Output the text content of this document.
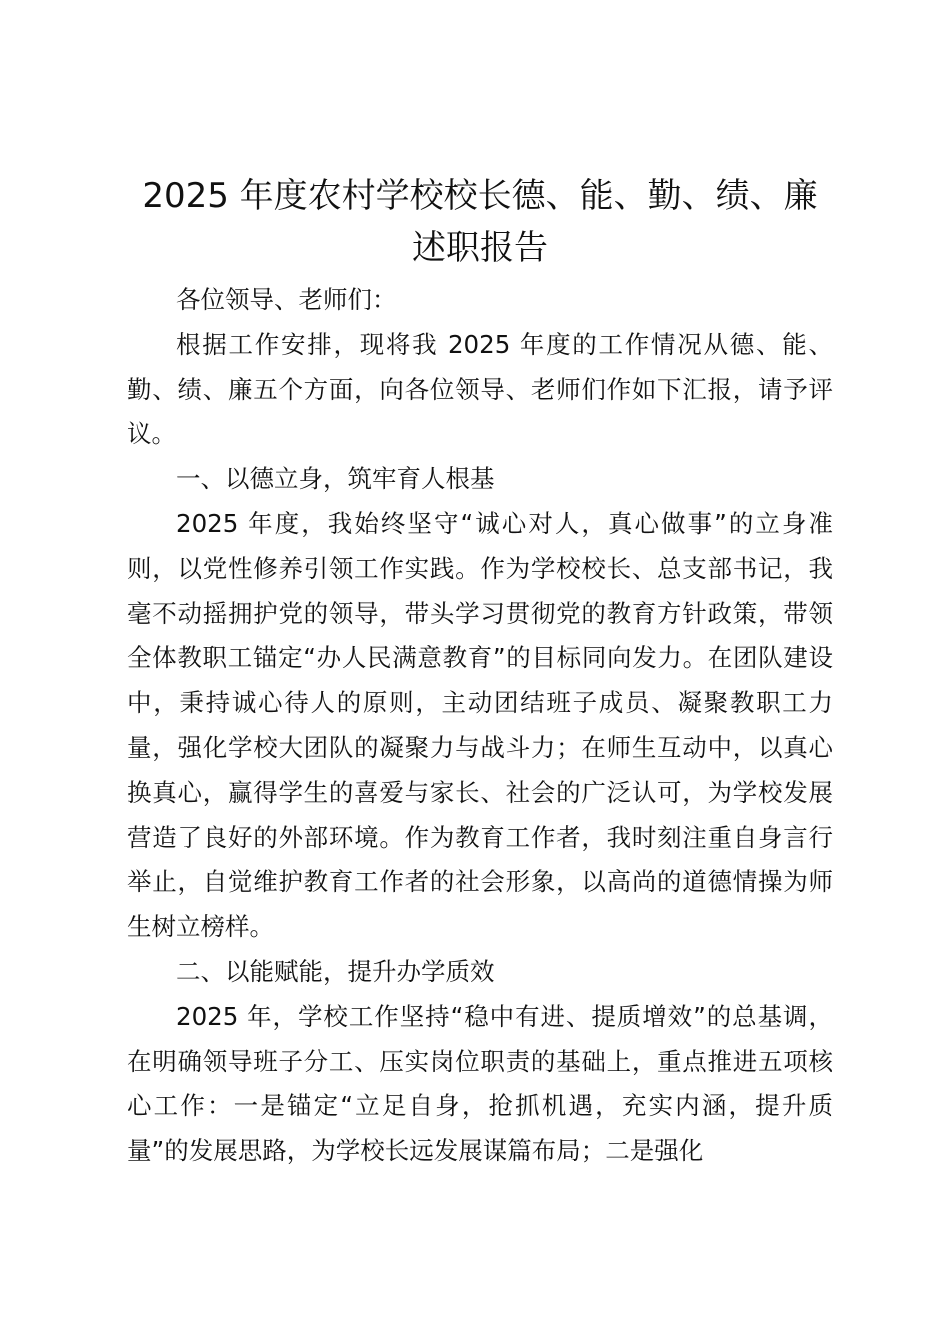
2025 年度农村学校校长德、能、勤、绩、廉
述职报告

各位领导、老师们：

根据工作安排，现将我 2025 年度的工作情况从德、能、勤、绩、廉五个方面，向各位领导、老师们作如下汇报，请予评议。

一、以德立身，筑牢育人根基

2025 年度，我始终坚守“诚心对人，真心做事”的立身准则，以党性修养引领工作实践。作为学校校长、总支部书记，我毫不动摇拥护党的领导，带头学习贯彻党的教育方针政策，带领全体教职工锚定“办人民满意教育”的目标同向发力。在团队建设中，秉持诚心待人的原则，主动团结班子成员、凝聚教职工力量，强化学校大团队的凝聚力与战斗力；在师生互动中，以真心换真心，赢得学生的喜爱与家长、社会的广泛认可，为学校发展营造了良好的外部环境。作为教育工作者，我时刻注重自身言行举止，自觉维护教育工作者的社会形象，以高尚的道德情操为师生树立榜样。

二、以能赋能，提升办学质效

2025 年，学校工作坚持“稳中有进、提质增效”的总基调，在明确领导班子分工、压实岗位职责的基础上，重点推进五项核心工作：一是锚定“立足自身，抢抓机遇，充实内涵，提升质量”的发展思路，为学校长远发展谋篇布局；二是强化
